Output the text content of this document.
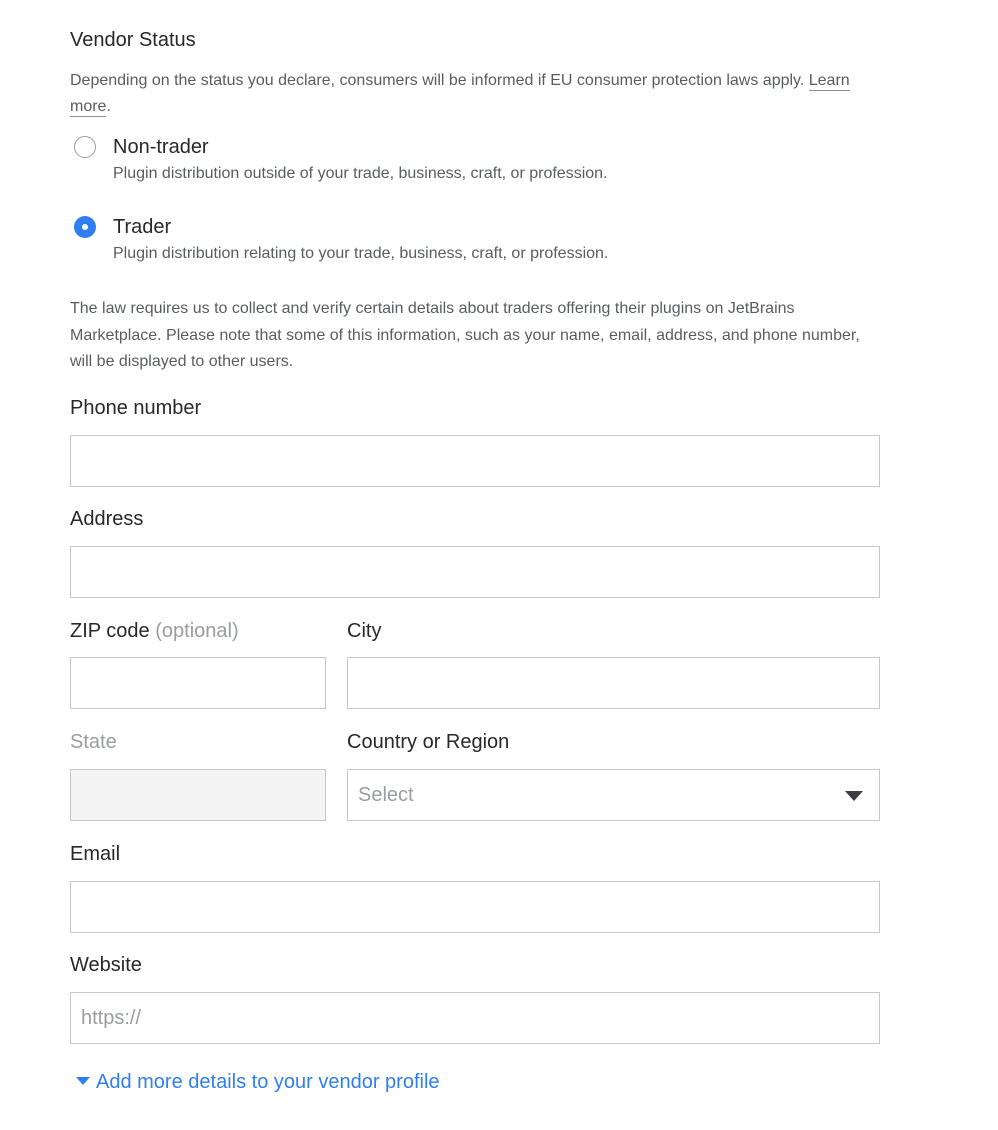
Vendor Status
Depending on the status you declare, consumers will be informed if EU consumer protection laws apply. Learn more.
Non-trader
Plugin distribution outside of your trade, business, craft, or profession.
Trader
Plugin distribution relating to your trade, business, craft, or profession.
The law requires us to collect and verify certain details about traders offering their plugins on JetBrains Marketplace. Please note that some of this information, such as your name, email, address, and phone number, will be displayed to other users.
Phone number
Address
ZIP code (optional)	City
State	Country or Region
Select
Email
Website
https://
Add more details to your vendor profile
